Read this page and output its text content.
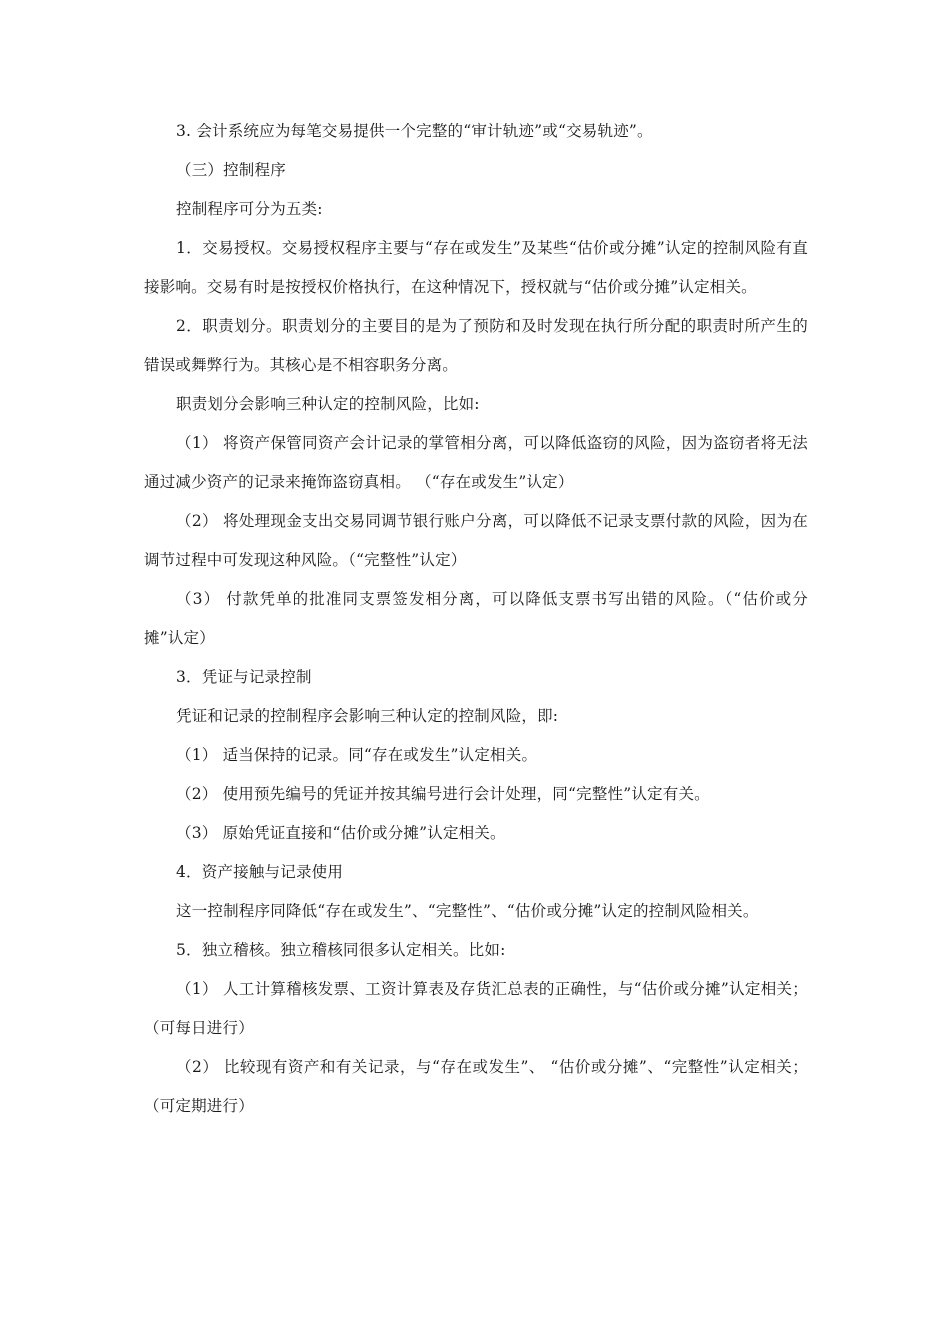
3. 会计系统应为每笔交易提供一个完整的“审计轨迹”或“交易轨迹”。

（三）控制程序

控制程序可分为五类:

1．交易授权。交易授权程序主要与“存在或发生”及某些“估价或分摊”认定的控制风险有直接影响。交易有时是按授权价格执行，在这种情况下，授权就与“估价或分摊”认定相关。

2．职责划分。职责划分的主要目的是为了预防和及时发现在执行所分配的职责时所产生的错误或舞弊行为。其核心是不相容职务分离。

职责划分会影响三种认定的控制风险，比如:

（1） 将资产保管同资产会计记录的掌管相分离，可以降低盗窃的风险，因为盗窃者将无法通过减少资产的记录来掩饰盗窃真相。 （“存在或发生”认定）

（2） 将处理现金支出交易同调节银行账户分离，可以降低不记录支票付款的风险，因为在调节过程中可发现这种风险。（“完整性”认定）

（3） 付款凭单的批准同支票签发相分离，可以降低支票书写出错的风险。（“估价或分摊”认定）

3．凭证与记录控制

凭证和记录的控制程序会影响三种认定的控制风险，即:

（1） 适当保持的记录。同“存在或发生”认定相关。

（2） 使用预先编号的凭证并按其编号进行会计处理，同“完整性”认定有关。

（3） 原始凭证直接和“估价或分摊”认定相关。

4．资产接触与记录使用

这一控制程序同降低“存在或发生”、“完整性”、“估价或分摊”认定的控制风险相关。

5．独立稽核。独立稽核同很多认定相关。比如:

（1） 人工计算稽核发票、工资计算表及存货汇总表的正确性，与“估价或分摊”认定相关；（可每日进行）

（2） 比较现有资产和有关记录，与“存在或发生”、 “估价或分摊”、“完整性”认定相关；（可定期进行）
